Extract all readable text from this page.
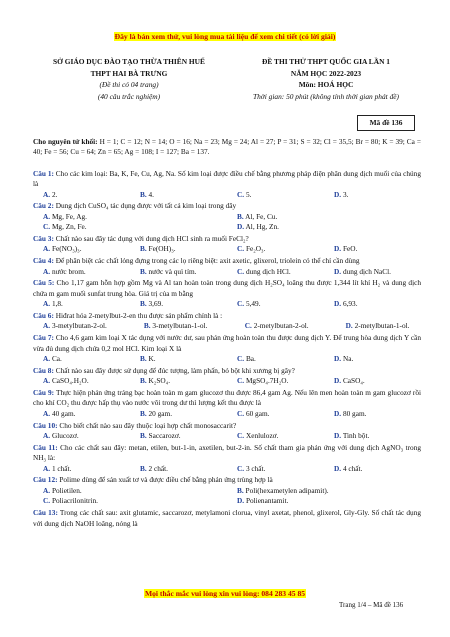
Đây là bản xem thử, vui lòng mua tài liệu để xem chi tiết (có lời giải)
SỞ GIÁO DỤC ĐÀO TẠO THỪA THIÊN HUẾ
THPT HAI BÀ TRƯNG
(Đề thi có 04 trang)
(40 câu trắc nghiệm)
ĐỀ THI THỬ THPT QUỐC GIA LẦN 1
NĂM HỌC 2022-2023
Môn: HOÁ HỌC
Thời gian: 50 phút (không tính thời gian phát đề)
Mã đề 136

Cho nguyên tử khối: H = 1; C = 12; N = 14; O = 16; Na = 23; Mg = 24; Al = 27; P = 31; S = 32; Cl = 35,5; Br = 80; K = 39; Ca = 40; Fe = 56; Cu = 64; Zn = 65; Ag = 108; I = 127; Ba = 137.

Câu 1: Cho các kim loại: Ba, K, Fe, Cu, Ag, Na. Số kim loại được điều chế bằng phương pháp điện phân dung dịch muối của chúng là

A. 2.	B. 4.	C. 5.	D. 3.

Câu 2: Dung dịch CuSO₄ tác dụng được với tất cả kim loại trong dãy

A. Mg, Fe, Ag.	B. Al, Fe, Cu.
C. Mg, Zn, Fe.	D. Al, Hg, Zn.

Câu 3: Chất nào sau đây tác dụng với dung dịch HCl sinh ra muối FeCl₂?

A. Fe(NO₃)₃.	B. Fe(OH)₃.	C. Fe₂O₃.	D. FeO.

Câu 4: Để phân biệt các chất lỏng đựng trong các lọ riêng biệt: axit axetic, glixerol, triolein có thể chỉ cần dùng

A. nước brom.	B. nước và quì tím.	C. dung dịch HCl.	D. dung dịch NaCl.

Câu 5: Cho 1,17 gam hỗn hợp gồm Mg và Al tan hoàn toàn trong dung dịch H₂SO₄ loãng thu được 1,344 lít khí H₂ và dung dịch chứa m gam muối sunfat trung hòa. Giá trị của m bằng

A. 1,8.	B. 3,69.	C. 5,49.	D. 6,93.

Câu 6: Hiđrat hóa 2-metylbut-2-en thu được sản phẩm chính là :

A. 3-metylbutan-2-ol.	B. 3-metylbutan-1-ol.	C. 2-metylbutan-2-ol.	D. 2-metylbutan-1-ol.

Câu 7: Cho 4,6 gam kim loại X tác dụng với nước dư, sau phản ứng hoàn toàn thu được dung dịch Y. Để trung hòa dung dịch Y cần vừa đủ dung dịch chứa 0,2 mol HCl. Kim loại X là

A. Ca.	B. K.	C. Ba.	D. Na.

Câu 8: Chất nào sau đây được sử dụng để đúc tượng, làm phấn, bó bột khi xương bị gãy?

A. CaSO₄.H₂O.	B. K₂SO₄.	C. MgSO₄.7H₂O.	D. CaSO₄.

Câu 9: Thực hiện phản ứng tráng bạc hoàn toàn m gam glucozơ thu được 86,4 gam Ag. Nếu lên men hoàn toàn m gam glucozơ rồi cho khí CO₂ thu được hấp thụ vào nước vôi trong dư thì lượng kết thu được là

A. 40 gam.	B. 20 gam.	C. 60 gam.	D. 80 gam.

Câu 10: Cho biết chất nào sau đây thuộc loại hợp chất monosaccarit?

A. Glucozơ.	B. Saccarozơ.	C. Xenlulozơ.	D. Tinh bột.

Câu 11: Cho các chất sau đây: metan, etilen, but-1-in, axetilen, but-2-in. Số chất tham gia phản ứng với dung dịch AgNO₃ trong NH₃ là:

A. 1 chất.	B. 2 chất.	C. 3 chất.	D. 4 chất.

Câu 12: Polime dùng để sản xuất tơ và được điều chế bằng phản ứng trùng hợp là

A. Polietilen.	B. Poli(hexametylen adipamit).
C. Poliacrilonitrin.	D. Polienantamit.

Câu 13: Trong các chất sau: axit glutamic, saccarozơ, metylamoni clorua, vinyl axetat, phenol, glixerol, Gly-Gly. Số chất tác dụng với dung dịch NaOH loãng, nóng là

Mọi thắc mắc vui lòng xin vui lòng: 084 283 45 85
Trang 1/4 – Mã đề 136
